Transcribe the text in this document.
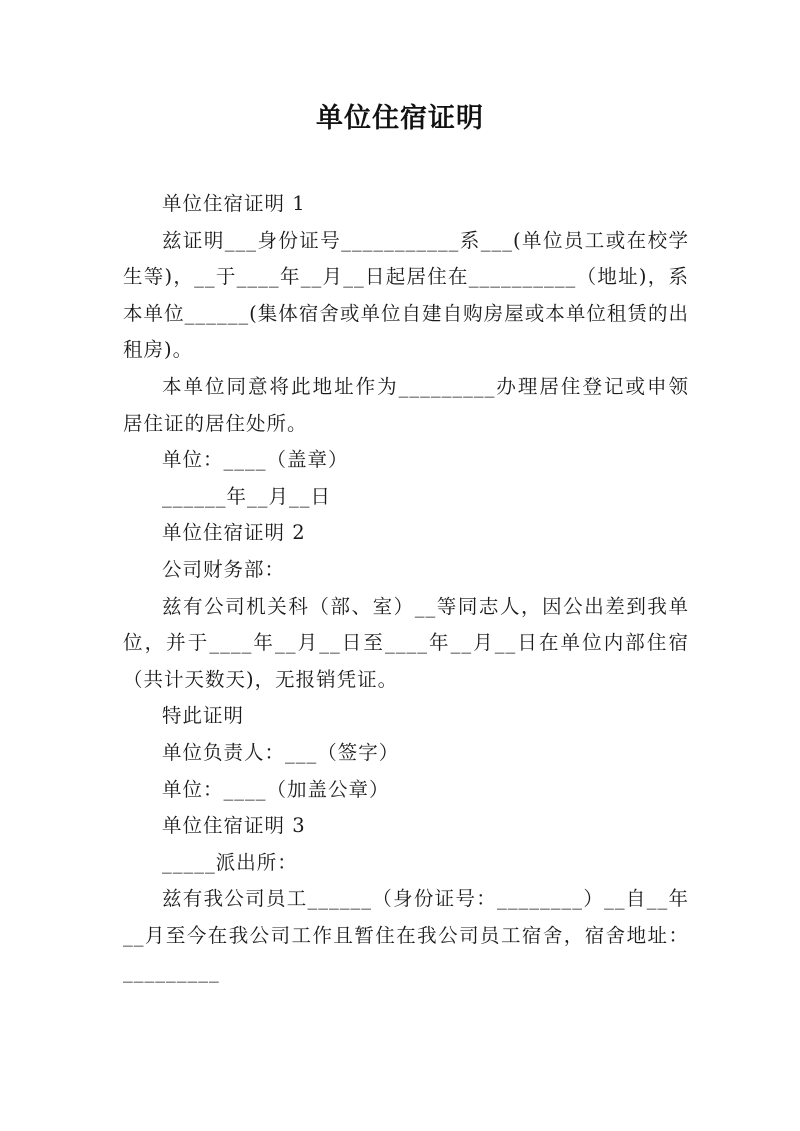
单位住宿证明

单位住宿证明 1

兹证明___身份证号___________系___(单位员工或在校学生等)，__于____年__月__日起居住在__________（地址)，系本单位______(集体宿舍或单位自建自购房屋或本单位租赁的出租房)。

本单位同意将此地址作为_________办理居住登记或申领居住证的居住处所。

单位：____（盖章）

______年__月__日

单位住宿证明 2

公司财务部：

兹有公司机关科（部、室）__等同志人，因公出差到我单位，并于____年__月__日至____年__月__日在单位内部住宿（共计天数天)，无报销凭证。

特此证明

单位负责人：___（签字）

单位：____（加盖公章）

单位住宿证明 3

_____派出所：

兹有我公司员工______（身份证号：________）__自__年__月至今在我公司工作且暂住在我公司员工宿舍，宿舍地址：_________
